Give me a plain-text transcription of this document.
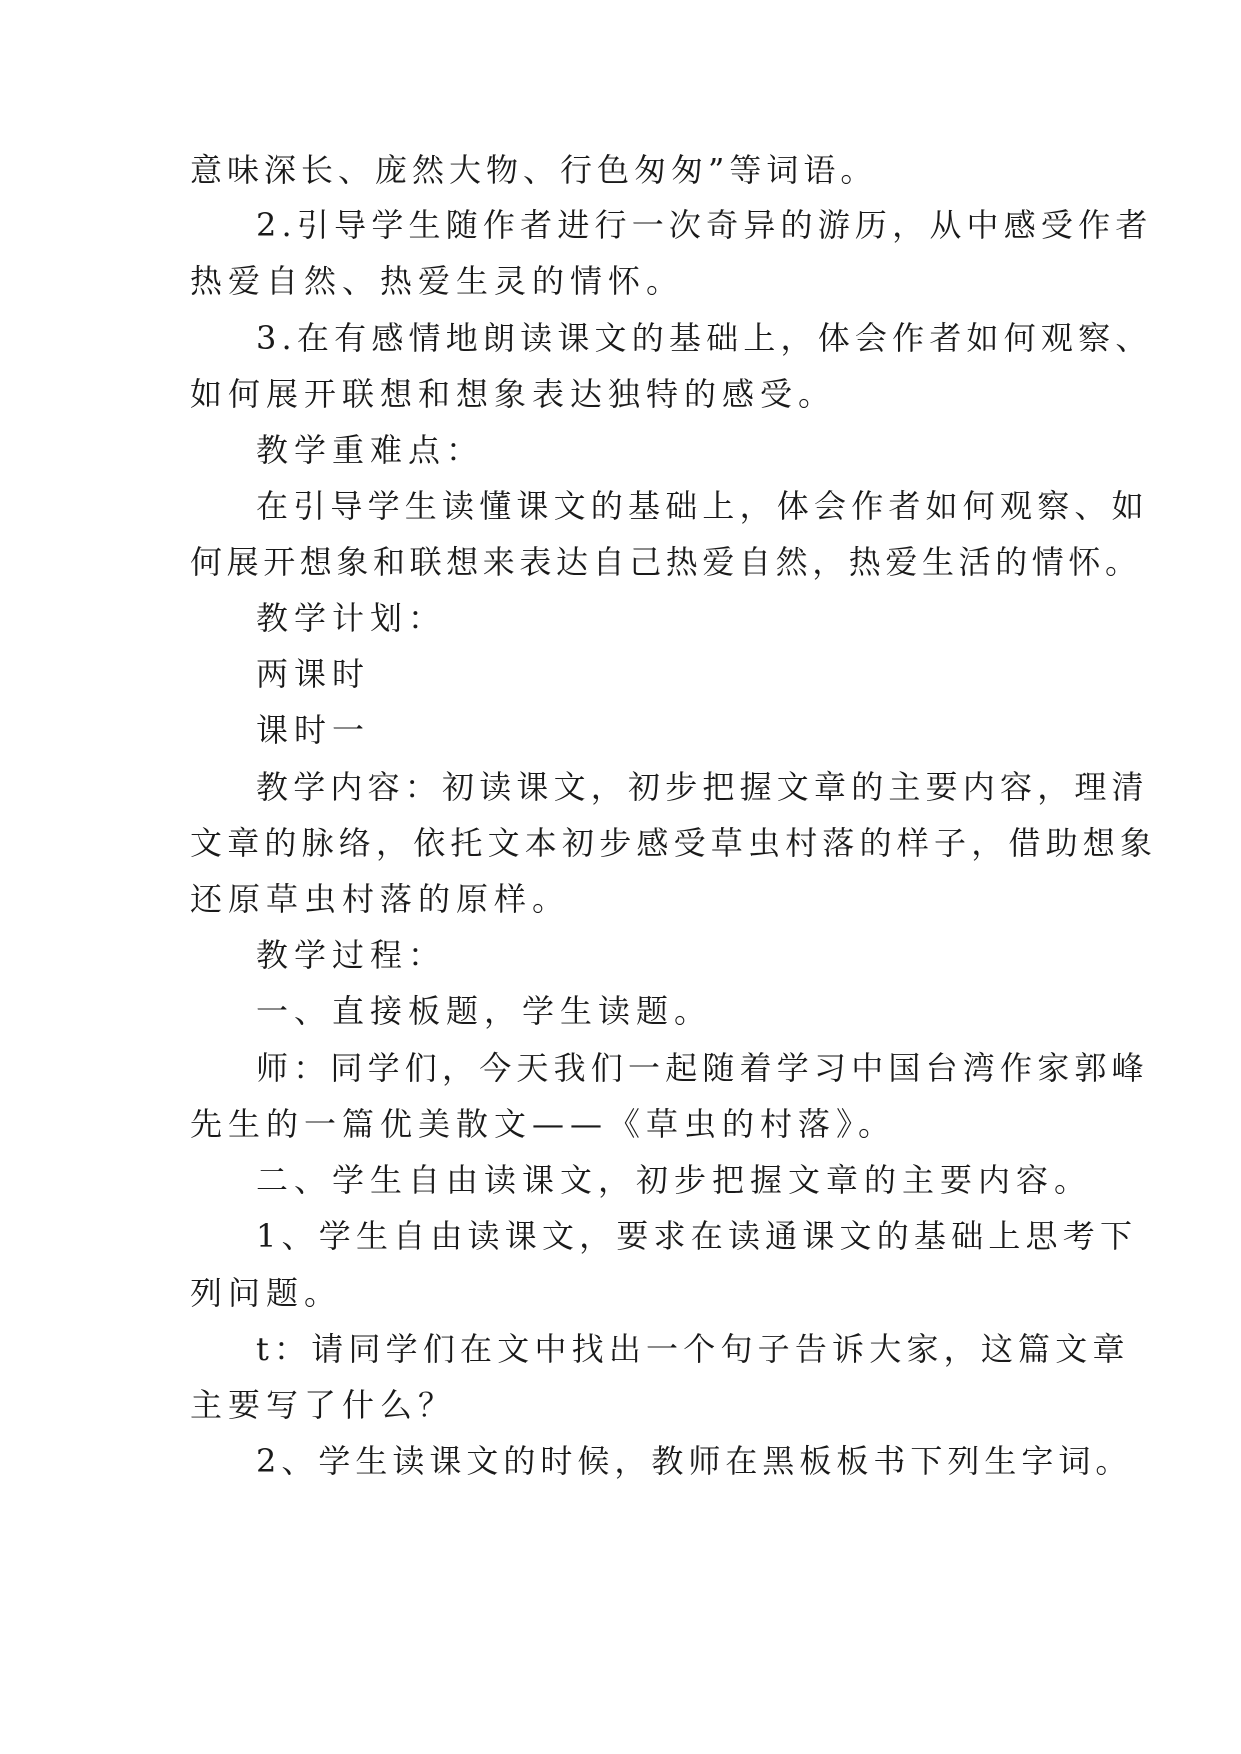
意味深长、庞然大物、行色匆匆”等词语。
2.引导学生随作者进行一次奇异的游历，从中感受作者
热爱自然、热爱生灵的情怀。
3.在有感情地朗读课文的基础上，体会作者如何观察、
如何展开联想和想象表达独特的感受。
教学重难点：
在引导学生读懂课文的基础上，体会作者如何观察、如
何展开想象和联想来表达自己热爱自然，热爱生活的情怀。
教学计划：
两课时
课时一
教学内容：初读课文，初步把握文章的主要内容，理清
文章的脉络，依托文本初步感受草虫村落的样子，借助想象
还原草虫村落的原样。
教学过程：
一、直接板题，学生读题。
师：同学们，今天我们一起随着学习中国台湾作家郭峰
先生的一篇优美散文——《草虫的村落》。
二、学生自由读课文，初步把握文章的主要内容。
1、学生自由读课文，要求在读通课文的基础上思考下
列问题。
t：请同学们在文中找出一个句子告诉大家，这篇文章
主要写了什么？
2、学生读课文的时候，教师在黑板板书下列生字词。
